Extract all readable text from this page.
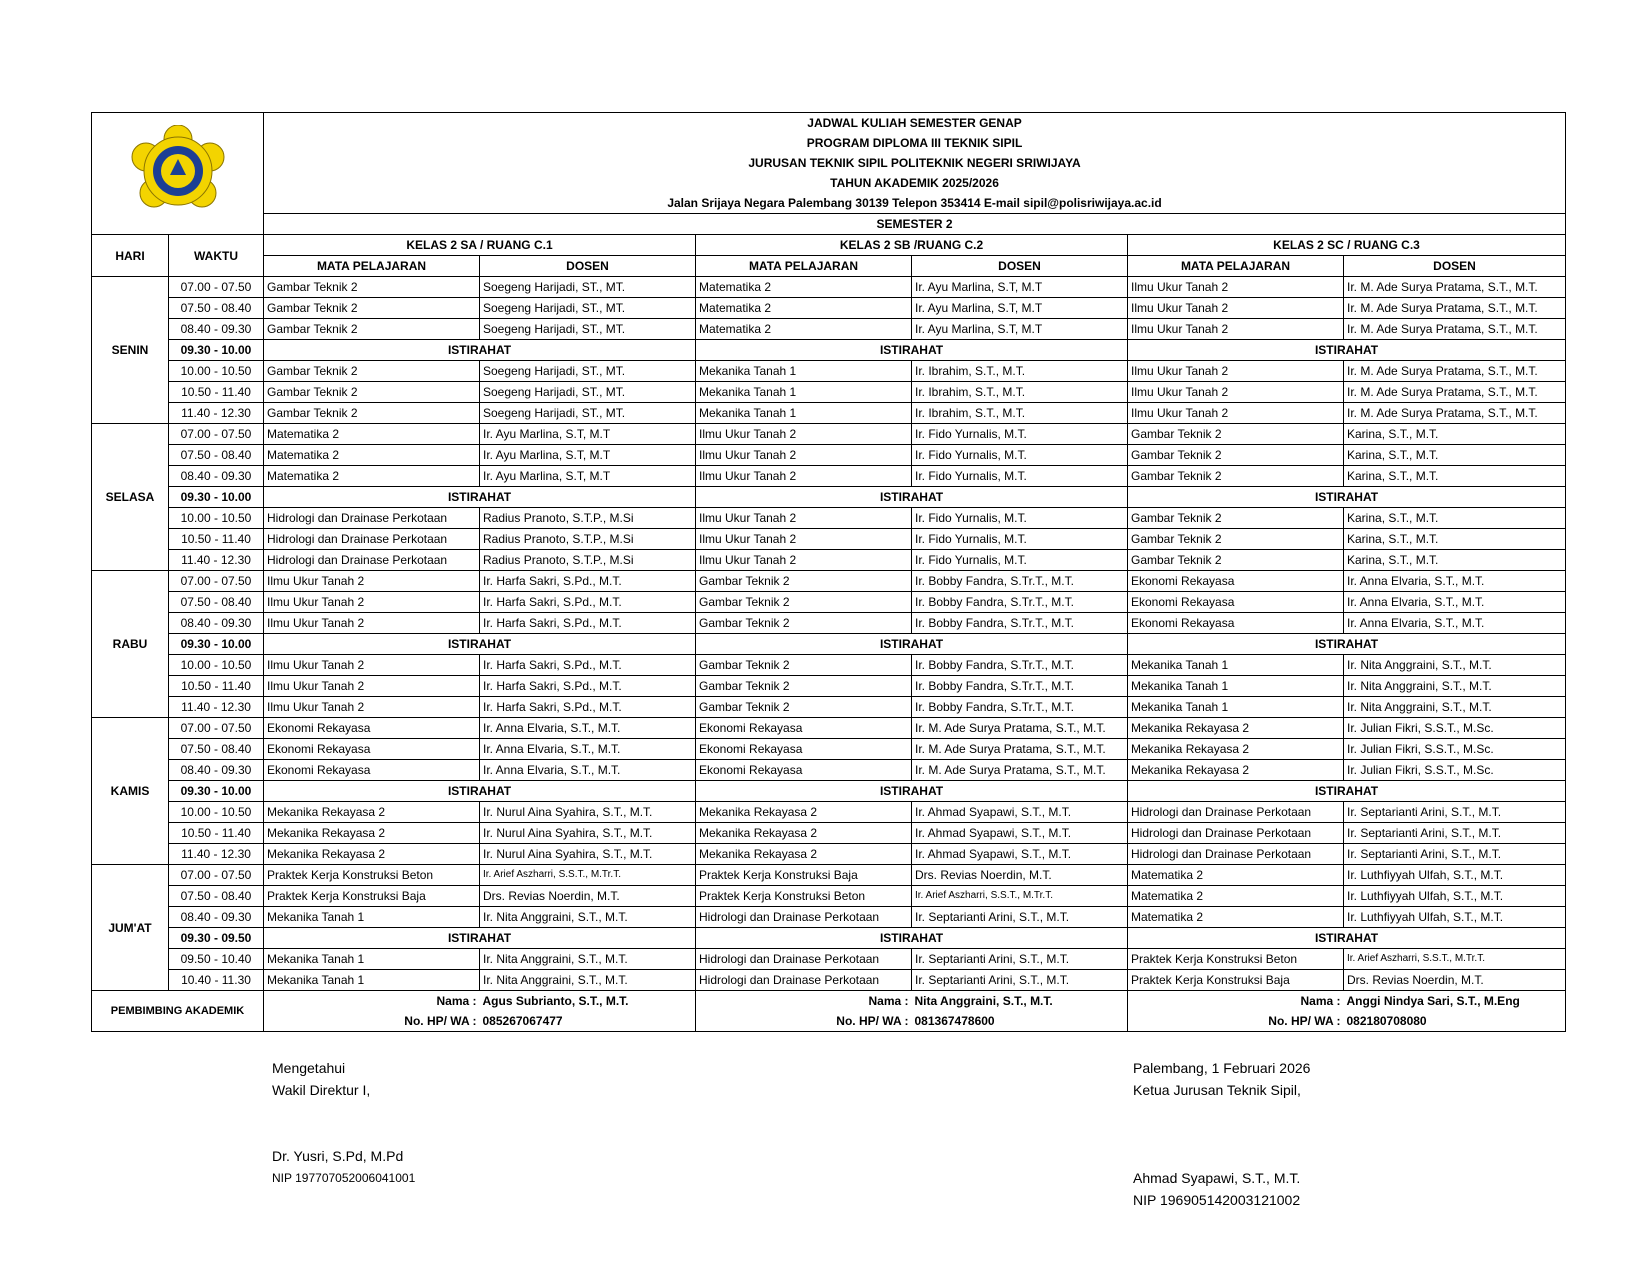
	JADWAL KULIAH SEMESTER GENAP					
		PROGRAM DIPLOMA III TEKNIK SIPIL					
		JURUSAN TEKNIK SIPIL POLITEKNIK NEGERI SRIWIJAYA					
		TAHUN AKADEMIK 2025/2026					
		Jalan Srijaya Negara Palembang 30139 Telepon 353414 E-mail sipil@polisriwijaya.ac.id					
		SEMESTER 2					
HARI	WAKTU	KELAS 2 SA / RUANG C.1		KELAS 2 SB /RUANG C.2		KELAS 2 SC / RUANG C.3	
		MATA PELAJARAN	DOSEN	MATA PELAJARAN	DOSEN	MATA PELAJARAN	DOSEN
SENIN	07.00 - 07.50	Gambar Teknik 2	Soegeng Harijadi, ST., MT.	Matematika 2	Ir. Ayu Marlina, S.T, M.T	Ilmu Ukur Tanah 2	Ir. M. Ade Surya Pratama, S.T., M.T.
	07.50 - 08.40	Gambar Teknik 2	Soegeng Harijadi, ST., MT.	Matematika 2	Ir. Ayu Marlina, S.T, M.T	Ilmu Ukur Tanah 2	Ir. M. Ade Surya Pratama, S.T., M.T.
	08.40 - 09.30	Gambar Teknik 2	Soegeng Harijadi, ST., MT.	Matematika 2	Ir. Ayu Marlina, S.T, M.T	Ilmu Ukur Tanah 2	Ir. M. Ade Surya Pratama, S.T., M.T.
	09.30 - 10.00	ISTIRAHAT		ISTIRAHAT		ISTIRAHAT	
	10.00 - 10.50	Gambar Teknik 2	Soegeng Harijadi, ST., MT.	Mekanika Tanah 1	Ir. Ibrahim, S.T., M.T.	Ilmu Ukur Tanah 2	Ir. M. Ade Surya Pratama, S.T., M.T.
	10.50 - 11.40	Gambar Teknik 2	Soegeng Harijadi, ST., MT.	Mekanika Tanah 1	Ir. Ibrahim, S.T., M.T.	Ilmu Ukur Tanah 2	Ir. M. Ade Surya Pratama, S.T., M.T.
	11.40 - 12.30	Gambar Teknik 2	Soegeng Harijadi, ST., MT.	Mekanika Tanah 1	Ir. Ibrahim, S.T., M.T.	Ilmu Ukur Tanah 2	Ir. M. Ade Surya Pratama, S.T., M.T.
SELASA	07.00 - 07.50	Matematika 2	Ir. Ayu Marlina, S.T, M.T	Ilmu Ukur Tanah 2	Ir. Fido Yurnalis, M.T.	Gambar Teknik 2	Karina, S.T., M.T.
	07.50 - 08.40	Matematika 2	Ir. Ayu Marlina, S.T, M.T	Ilmu Ukur Tanah 2	Ir. Fido Yurnalis, M.T.	Gambar Teknik 2	Karina, S.T., M.T.
	08.40 - 09.30	Matematika 2	Ir. Ayu Marlina, S.T, M.T	Ilmu Ukur Tanah 2	Ir. Fido Yurnalis, M.T.	Gambar Teknik 2	Karina, S.T., M.T.
	09.30 - 10.00	ISTIRAHAT		ISTIRAHAT		ISTIRAHAT	
	10.00 - 10.50	Hidrologi dan Drainase Perkotaan	Radius Pranoto, S.T.P., M.Si	Ilmu Ukur Tanah 2	Ir. Fido Yurnalis, M.T.	Gambar Teknik 2	Karina, S.T., M.T.
	10.50 - 11.40	Hidrologi dan Drainase Perkotaan	Radius Pranoto, S.T.P., M.Si	Ilmu Ukur Tanah 2	Ir. Fido Yurnalis, M.T.	Gambar Teknik 2	Karina, S.T., M.T.
	11.40 - 12.30	Hidrologi dan Drainase Perkotaan	Radius Pranoto, S.T.P., M.Si	Ilmu Ukur Tanah 2	Ir. Fido Yurnalis, M.T.	Gambar Teknik 2	Karina, S.T., M.T.
RABU	07.00 - 07.50	Ilmu Ukur Tanah 2	Ir. Harfa Sakri, S.Pd., M.T.	Gambar Teknik 2	Ir. Bobby Fandra, S.Tr.T., M.T.	Ekonomi Rekayasa	Ir. Anna Elvaria, S.T., M.T.
	07.50 - 08.40	Ilmu Ukur Tanah 2	Ir. Harfa Sakri, S.Pd., M.T.	Gambar Teknik 2	Ir. Bobby Fandra, S.Tr.T., M.T.	Ekonomi Rekayasa	Ir. Anna Elvaria, S.T., M.T.
	08.40 - 09.30	Ilmu Ukur Tanah 2	Ir. Harfa Sakri, S.Pd., M.T.	Gambar Teknik 2	Ir. Bobby Fandra, S.Tr.T., M.T.	Ekonomi Rekayasa	Ir. Anna Elvaria, S.T., M.T.
	09.30 - 10.00	ISTIRAHAT		ISTIRAHAT		ISTIRAHAT	
	10.00 - 10.50	Ilmu Ukur Tanah 2	Ir. Harfa Sakri, S.Pd., M.T.	Gambar Teknik 2	Ir. Bobby Fandra, S.Tr.T., M.T.	Mekanika Tanah 1	Ir. Nita Anggraini, S.T., M.T.
	10.50 - 11.40	Ilmu Ukur Tanah 2	Ir. Harfa Sakri, S.Pd., M.T.	Gambar Teknik 2	Ir. Bobby Fandra, S.Tr.T., M.T.	Mekanika Tanah 1	Ir. Nita Anggraini, S.T., M.T.
	11.40 - 12.30	Ilmu Ukur Tanah 2	Ir. Harfa Sakri, S.Pd., M.T.	Gambar Teknik 2	Ir. Bobby Fandra, S.Tr.T., M.T.	Mekanika Tanah 1	Ir. Nita Anggraini, S.T., M.T.
KAMIS	07.00 - 07.50	Ekonomi Rekayasa	Ir. Anna Elvaria, S.T., M.T.	Ekonomi Rekayasa	Ir. M. Ade Surya Pratama, S.T., M.T.	Mekanika Rekayasa 2	Ir. Julian Fikri, S.S.T., M.Sc.
	07.50 - 08.40	Ekonomi Rekayasa	Ir. Anna Elvaria, S.T., M.T.	Ekonomi Rekayasa	Ir. M. Ade Surya Pratama, S.T., M.T.	Mekanika Rekayasa 2	Ir. Julian Fikri, S.S.T., M.Sc.
	08.40 - 09.30	Ekonomi Rekayasa	Ir. Anna Elvaria, S.T., M.T.	Ekonomi Rekayasa	Ir. M. Ade Surya Pratama, S.T., M.T.	Mekanika Rekayasa 2	Ir. Julian Fikri, S.S.T., M.Sc.
	09.30 - 10.00	ISTIRAHAT		ISTIRAHAT		ISTIRAHAT	
	10.00 - 10.50	Mekanika Rekayasa 2	Ir. Nurul Aina Syahira, S.T., M.T.	Mekanika Rekayasa 2	Ir. Ahmad Syapawi, S.T., M.T.	Hidrologi dan Drainase Perkotaan	Ir. Septarianti Arini, S.T., M.T.
	10.50 - 11.40	Mekanika Rekayasa 2	Ir. Nurul Aina Syahira, S.T., M.T.	Mekanika Rekayasa 2	Ir. Ahmad Syapawi, S.T., M.T.	Hidrologi dan Drainase Perkotaan	Ir. Septarianti Arini, S.T., M.T.
	11.40 - 12.30	Mekanika Rekayasa 2	Ir. Nurul Aina Syahira, S.T., M.T.	Mekanika Rekayasa 2	Ir. Ahmad Syapawi, S.T., M.T.	Hidrologi dan Drainase Perkotaan	Ir. Septarianti Arini, S.T., M.T.
JUM'AT	07.00 - 07.50	Praktek Kerja Konstruksi Beton	Ir. Arief Aszharri, S.S.T., M.Tr.T.	Praktek Kerja Konstruksi Baja	Drs. Revias Noerdin, M.T.	Matematika 2	Ir. Luthfiyyah Ulfah, S.T., M.T.
	07.50 - 08.40	Praktek Kerja Konstruksi Baja	Drs. Revias Noerdin, M.T.	Praktek Kerja Konstruksi Beton	Ir. Arief Aszharri, S.S.T., M.Tr.T.	Matematika 2	Ir. Luthfiyyah Ulfah, S.T., M.T.
	08.40 - 09.30	Mekanika Tanah 1	Ir. Nita Anggraini, S.T., M.T.	Hidrologi dan Drainase Perkotaan	Ir. Septarianti Arini, S.T., M.T.	Matematika 2	Ir. Luthfiyyah Ulfah, S.T., M.T.
	09.30 - 09.50	ISTIRAHAT		ISTIRAHAT		ISTIRAHAT	
	09.50 - 10.40	Mekanika Tanah 1	Ir. Nita Anggraini, S.T., M.T.	Hidrologi dan Drainase Perkotaan	Ir. Septarianti Arini, S.T., M.T.	Praktek Kerja Konstruksi Beton	Ir. Arief Aszharri, S.S.T., M.Tr.T.
	10.40 - 11.30	Mekanika Tanah 1	Ir. Nita Anggraini, S.T., M.T.	Hidrologi dan Drainase Perkotaan	Ir. Septarianti Arini, S.T., M.T.	Praktek Kerja Konstruksi Baja	Drs. Revias Noerdin, M.T.
PEMBIMBING AKADEMIK		Nama :	Agus Subrianto, S.T., M.T.	Nama :	Nita Anggraini, S.T., M.T.	Nama :	Anggi Nindya Sari, S.T., M.Eng
		No. HP/ WA :	085267067477	No. HP/ WA :	081367478600	No. HP/ WA :	082180708080
Mengetahui
Wakil Direktur I,
Dr. Yusri, S.Pd, M.Pd
NIP 197707052006041001
Palembang, 1 Februari 2026
Ketua Jurusan Teknik Sipil,
Ahmad Syapawi, S.T., M.T.
NIP 196905142003121002
